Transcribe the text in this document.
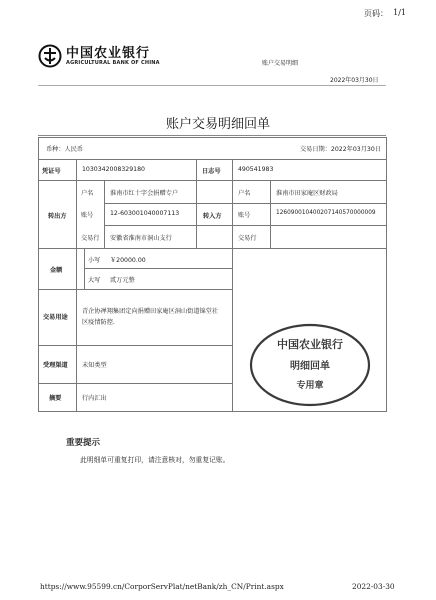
页码： 1/1
中国农业银行
AGRICULTURAL BANK OF CHINA	账户交易明细
2022年03月30日
账户交易明细回单
币种：人民币	交易日期：2022年03月30日
凭证号	1030342008329180	日志号	490541983
转出方
户名	淮南市红十字会捐赠专户
账号	12-603001040007113
交易行 安徽省淮南市洞山支行
转入方
户名	淮南市田家庵区财政局
账号	126090010400207140570000009
交易行
金额
小写 ￥20000.00
大写 贰万元整
交易用途
青企协禅翔集团定向捐赠田家庵区洞山街道锦堂社
区疫情防控.
受理渠道 未知类型
摘要	行内汇出
中国农业银行
明细回单
专用章
重要提示
此明细单可重复打印，请注意核对，勿重复记账。
https://www.95599.cn/CorporServPlat/netBank/zh_CN/Print.aspx	2022-03-30
